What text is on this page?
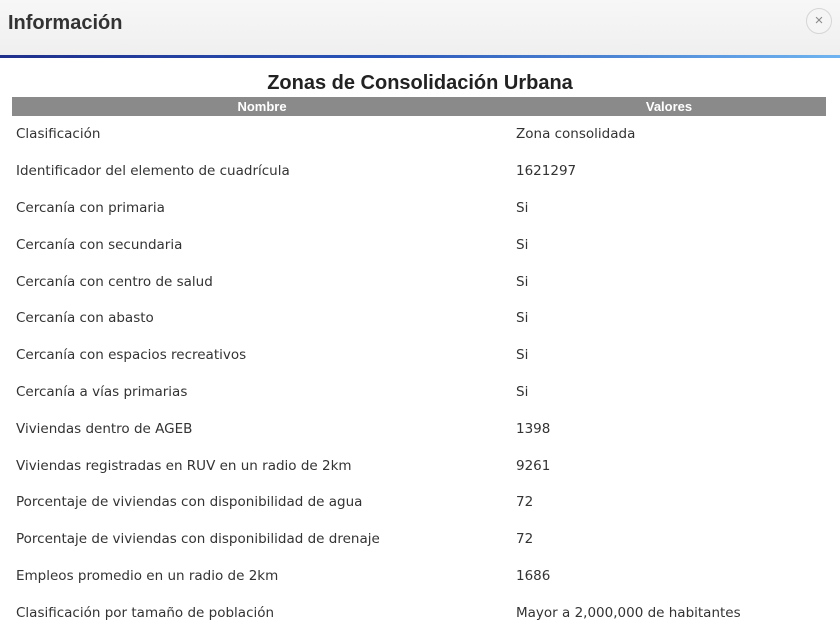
Información	×
Zonas de Consolidación Urbana
Nombre	Valores
Clasificación	Zona consolidada
Identificador del elemento de cuadrícula	1621297
Cercanía con primaria	Si
Cercanía con secundaria	Si
Cercanía con centro de salud	Si
Cercanía con abasto	Si
Cercanía con espacios recreativos	Si
Cercanía a vías primarias	Si
Viviendas dentro de AGEB	1398
Viviendas registradas en RUV en un radio de 2km	9261
Porcentaje de viviendas con disponibilidad de agua	72
Porcentaje de viviendas con disponibilidad de drenaje	72
Empleos promedio en un radio de 2km	1686
Clasificación por tamaño de población	Mayor a 2,000,000 de habitantes
